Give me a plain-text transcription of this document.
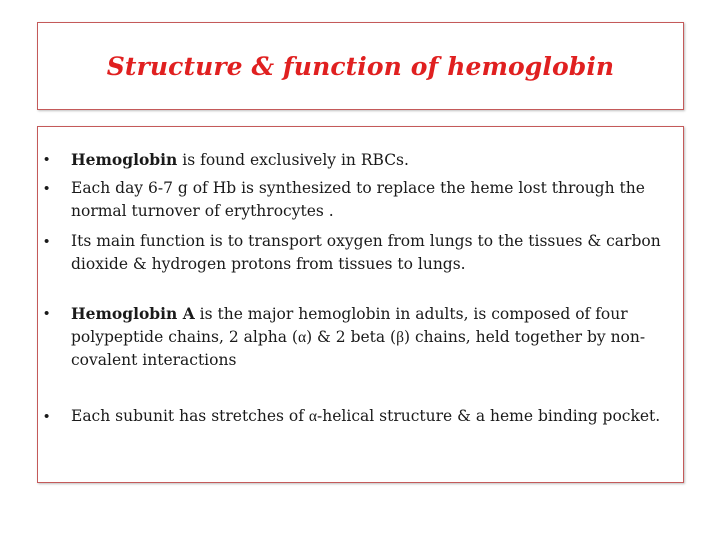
Structure & function of hemoglobin
• Hemoglobin is found exclusively in RBCs.
• Each day 6-7 g of Hb is synthesized to replace the heme lost through the normal turnover of erythrocytes .
• Its main function is to transport oxygen from lungs to the tissues & carbon dioxide & hydrogen protons from tissues to lungs.
• Hemoglobin A is the major hemoglobin in adults, is composed of four polypeptide chains, 2 alpha (α) & 2 beta (β) chains, held together by non-covalent interactions
• Each subunit has stretches of α-helical structure & a heme binding pocket.
